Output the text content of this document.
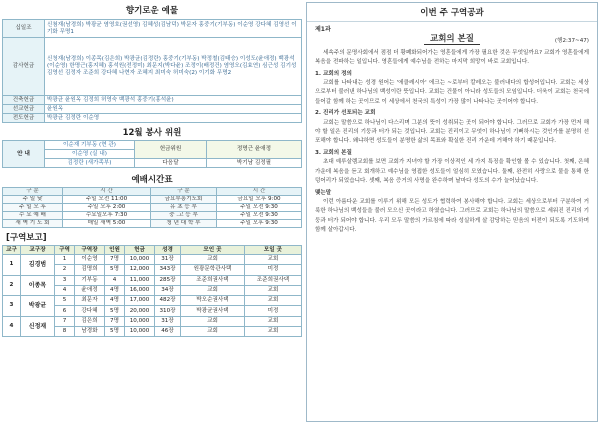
향기로운 예물
십일조	신첨재(남경희) 박광균 염영호(권선영) 김혜성(김남덕) 박문자 홍중기(기부동) 이순영 강다혜 김영선 이기화 무명1
감사헌금	신청재(남경희) 이종목(김은희) 박광균(김정란) 홍중기(기부동) 박정철(김태승) 이성도(윤애정) 백광석(이순영) 한명근(홍지혜) 홍석원(전정미) 최문지(박다윤) 조정이(배정건) 염영오(김효연) 심근성 김기성 김영선 김정자 조준희 강다혜 나현자 조혜지 최미숙 허미숙(2) 이기화 무명2
건축헌금	박광균 윤원옥 김정희 허영숙 백광석 홍중기(홍석윤)
선교헌금	윤원옥
전도헌금	박광균 김정란 이순영
12월 봉사 위원
안 내	이순재 기부동 (현 관)	헌금위원	정명근 윤애정
	이순영 (실 내)		
	김정란 (새가족부)	다음달	박기남 김정필
예배시간표
구 분	시 간	구 분	시 간
주 일 낮	주일 오전 11:00	금요부흥기도회	금요일 오후 9:00
주 일 오 후	주일 오후 2:00	유 초 등 부	주일 오전 9:30
수 요 예 배	수요일오후 7:30	중 .고 등 부	주일 오전 9:30
새 벽 기 도 회	매일 새벽 5:00	청 년 대 학 부	주일 오후 9:30
[구역보고]
교구	교구장	구역	구역장	인원	헌금	성경	모인 곳	모일 곳
1	김경범	1	이순영	7명	10,000	31장	교회	교회
		2	김명희	5명	12,000	343장	원광문학관사택	미정
2	이종목	3	기부동	4	11,000	285장	조준희권사댁	조준희권사댁
		4	윤애정	4명	16,000	34장	교회	교회
3	박광균	5	최문자	4명	17,000	482장	박오순권사댁	교회
		6	강다혜	5명	20,000	310장	박광균권사댁	미정
4	신정재	7	김은희	7명	10,000	31장	교회	교회
		8	남경화	5명	10,000	46장	교회	교회
이번 주 구역공과
제1과
교회의 본질	(행2:37~47)

세속주의 문명사회에서 점점 더 황폐화되어가는 영혼들에게 가장 필요한 것은 무엇일까요? 교회가 영혼들에게 복음을 전파하는 일입니다. 영혼들에게 예수님을 전하는 마지막 희망이 바로 교회입니다.

1. 교회의 정의

교회를 나타내는 성경 원어는 '에클레시아' 에크는 ~로부터 칼레오는 불러내다의 합성어입니다. 교회는 세상으로부터 불러낸 하나님의 백성이란 뜻입니다. 교회는 건물이 아니라 성도들의 모임입니다. 더욱이 교회는 천국에 들어갈 함께 하는 곳이므로 이 세상에서 천국의 특성이 가장 많이 나타나는 곳이어야 합니다.

2. 진리가 선포되는 교회

교회는 말씀으로 하나님이 다스리며 그분의 뜻이 성취되는 곳이 되어야 합니다. 그러므로 교회가 가장 먼저 해야 할 일은 진리의 기둥과 터가 되는 것입니다. 교회는 진리이고 무엇이 하나님이 기뻐하시는 것인가를 분명히 선포해야 합니다. 왜냐하면 성도들이 분명한 삶의 목표와 확실한 진리 가운데 거해야 하기 때문입니다.

3. 교회의 본질

초대 예루살렘교회를 보면 교회가 지녀야 할 가장 이상적인 세 가지 특징을 확인할 볼 수 있습니다. 첫째, 은혜 가운데 복음을 듣고 회개하고 예수님을 영접한 성도들이 얼심히 모였습니다. 둘째, 완전히 사랑으로 물을 통해 한 덩어리가 되었습니다. 셋째, 복음 증거의 사명을 완수하며 날마다 성도의 수가 늘어났습니다.

맺는말

이런 아름다운 교회를 이루기 위해 모든 성도가 협력하여 봉사해야 합니다. 교회는 세상으로부터 구분하여 거룩한 하나님의 백성들을 불러 모으신 곳이라고 하였습니다. 그러므로 교회는 하나님의 말씀으로 세워진 진리의 기둥과 터가 되어야 합니다. 우리 모두 말씀의 가르침에 따라 성실하게 살 감당하는 믿음의 터전이 되도록 기도하며 함께 살아갑시다.
